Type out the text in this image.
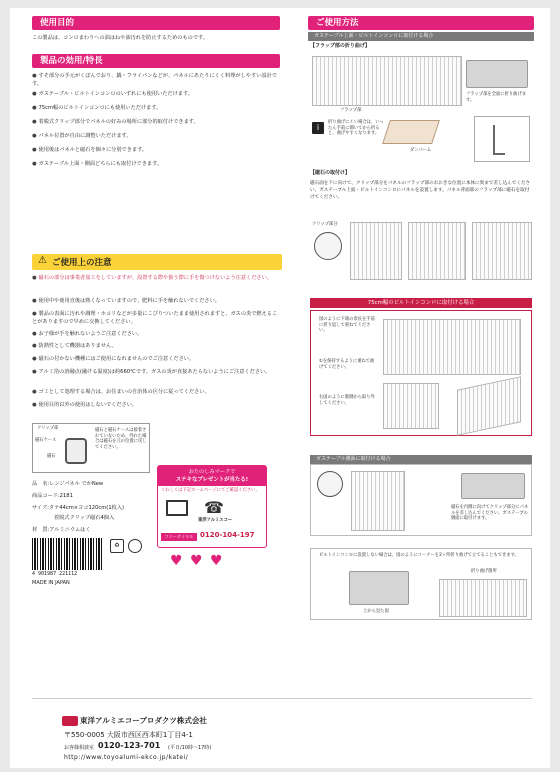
使用目的
この製品は、コンロまわりへの油はねや油汚れを防止するためのものです。
製品の効用/特長
● すそ部分の手元がくぼんでおり、鍋・フライパンなどが、パネルにあたりにくく料理がしやすい設計です。
● ガステーブル・ビルトインコンロのいずれにも使用いただけます。
● 75cm幅のビルトインコンロにも使用いただけます。
● 着脱式クリップ部分でパネルの好みの場所に部分的取付けできます。
● パネル位置が自由に調整いただけます。
● 使用後はパネルと磁石を個々に分別できます。
● ガステーブル上面・側面どちらにも取付けできます。
⚠ ご使用上の注意
● 磁石の部分は事業者加工をしていますが、設置する際や扱う際に手を傷つけないよう注意ください。
● 使用中や使用直後は熱くなっていますので、肥料に手を触れないでください。
● 製品の表面に汚れや調理・ホコリなどが多量にこびりついたまま使用されますと、ガスの炎で燃えることがありますので早めに交換してください。
● お子様が手を触れないようご注意ください。
● 防熱性として機器はありません。
● 磁石の付かない機種にはご使用になれませんのでご注意ください。
● アルミ箔の溶融点(融ける温度)は約660℃です。ガスの炎が直接あたらないようにご注意ください。
● ゴミとして処理する場合は、お住まいの自治体の区分に従ってください。
● 使用目的以外の使用はしないでください。
クリップ部
磁石ケース
磁石
磁石と磁石ケースは接着されていないため、外れた場合は磁石を元の位置に戻してください。
おたのしみマークで
ステキなプレゼントが当たる!
くわしくは下記ホームページにてご確認ください。
☎
東洋アルミエコー
フリーダイヤル 0120-104-197
♥ ♥ ♥
品　名:レンジパネル でかNew
商品コード:2181
サイズ:タテ44cm×ヨコ120cm(1枚入)
着脱式クリップ磁石4個入
材　質:アルミニウムはく
♻
4 901987 221112
MADE IN JAPAN
ご使用方法
ガステーブル上面・ビルトインコンロに取付ける場合
【フラップ部の折り曲げ】
フラップ部
フラップ部を全面に折り曲げます。
i
折り曲げにくい場合は、いったん手前に開いてから折ると、曲げやすくなります。
ダンパーム
【磁石の取付け】
磁石面を下に向けて、クリップ部分をパネルのフラップ部のおおきな位置に本体に奥まで差し込んでください。ガステーブル上面・ビルトインコンロにパネルを設置します。パネル背面部のフラップ部に磁石を取付けてください。
クリップ部分
75cm幅のビルトインコンロに取付ける場合
図のように下端の余長を手前に折り返して重ねてください。
①を保持するように重ねて曲げてください。
右図のように裏側から取り外してください。
ガステーブル側面に取付ける場合
磁石を内側に向けてクリップ部分にパネルを差し込んでください。ガステーブル側面に取付けます。
ビルトインコンロに設置しない場合は、図のようにコーナーを2ヶ所折り曲げて立てることもできます。
上から見た図
折り曲げ箇所
東洋アルミエコープロダクツ株式会社
〒550-0005 大阪市西区西本町1丁目4-1
お客様相談室 0120-123-701 (平日/10時〜17時)
http://www.toyoalumi-ekco.jp/katei/
